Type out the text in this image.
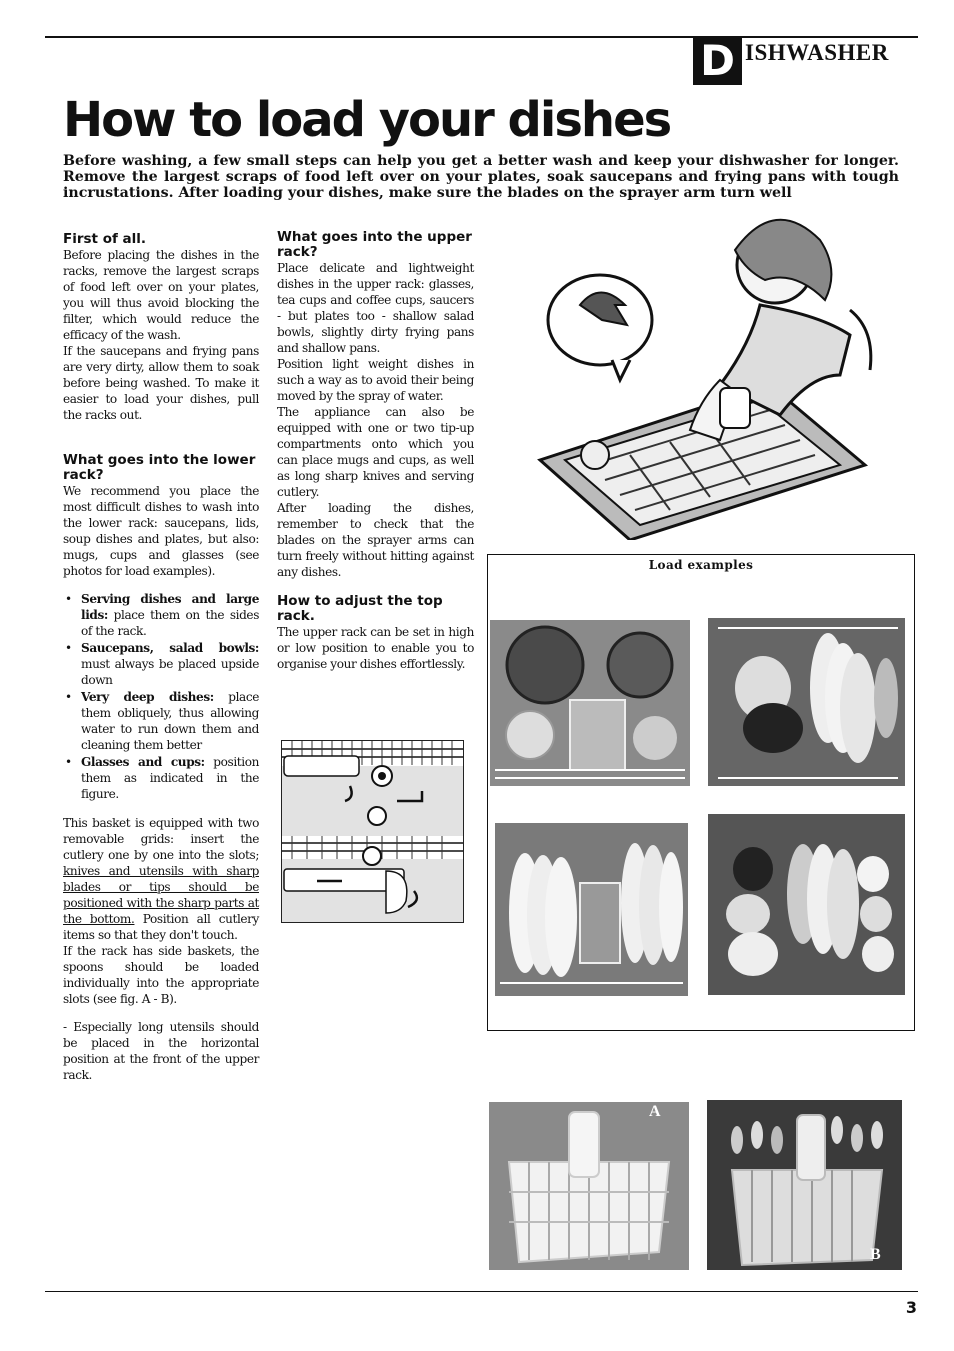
D ISHWASHER
How to load your dishes

Before washing, a few small steps can help you get a better wash and keep your dishwasher for longer. Remove the largest scraps of food left over on your plates, soak saucepans and frying pans with tough incrustations. After loading your dishes, make sure the blades on the sprayer arm turn well

First of all.

Before placing the dishes in the racks, remove the largest scraps of food left over on your plates, you will thus avoid blocking the filter, which would reduce the efficacy of the wash.

If the saucepans and frying pans are very dirty, allow them to soak before being washed. To make it easier to load your dishes, pull the racks out.

What goes into the lower rack?

We recommend you place the most difficult dishes to wash into the lower rack: saucepans, lids, soup dishes and plates, but also: mugs, cups and glasses (see photos for load examples).

• Serving dishes and large lids: place them on the sides of the rack.
• Saucepans, salad bowls: must always be placed upside down
• Very deep dishes: place them obliquely, thus allowing water to run down them and cleaning them better
• Glasses and cups: position them as indicated in the figure.

This basket is equipped with two removable grids: insert the cutlery one by one into the slots; knives and utensils with sharp blades or tips should be positioned with the sharp parts at the bottom. Position all cutlery items so that they don't touch.

If the rack has side baskets, the spoons should be loaded individually into the appropriate slots (see fig. A - B).

- Especially long utensils should be placed in the horizontal position at the front of the upper rack.

What goes into the upper rack?

Place delicate and lightweight dishes in the upper rack: glasses, tea cups and coffee cups, saucers - but plates too - shallow salad bowls, slightly dirty frying pans and shallow pans.

Position light weight dishes in such a way as to avoid their being moved by the spray of water.

The appliance can also be equipped with one or two tip-up compartments onto which you can place mugs and cups, as well as long sharp knives and serving cutlery.

After loading the dishes, remember to check that the blades on the sprayer arms can turn freely without hitting against any dishes.

How to adjust the top rack.

The upper rack can be set in high or low position to enable you to organise your dishes effortlessly.

Load examples
A
B
3
